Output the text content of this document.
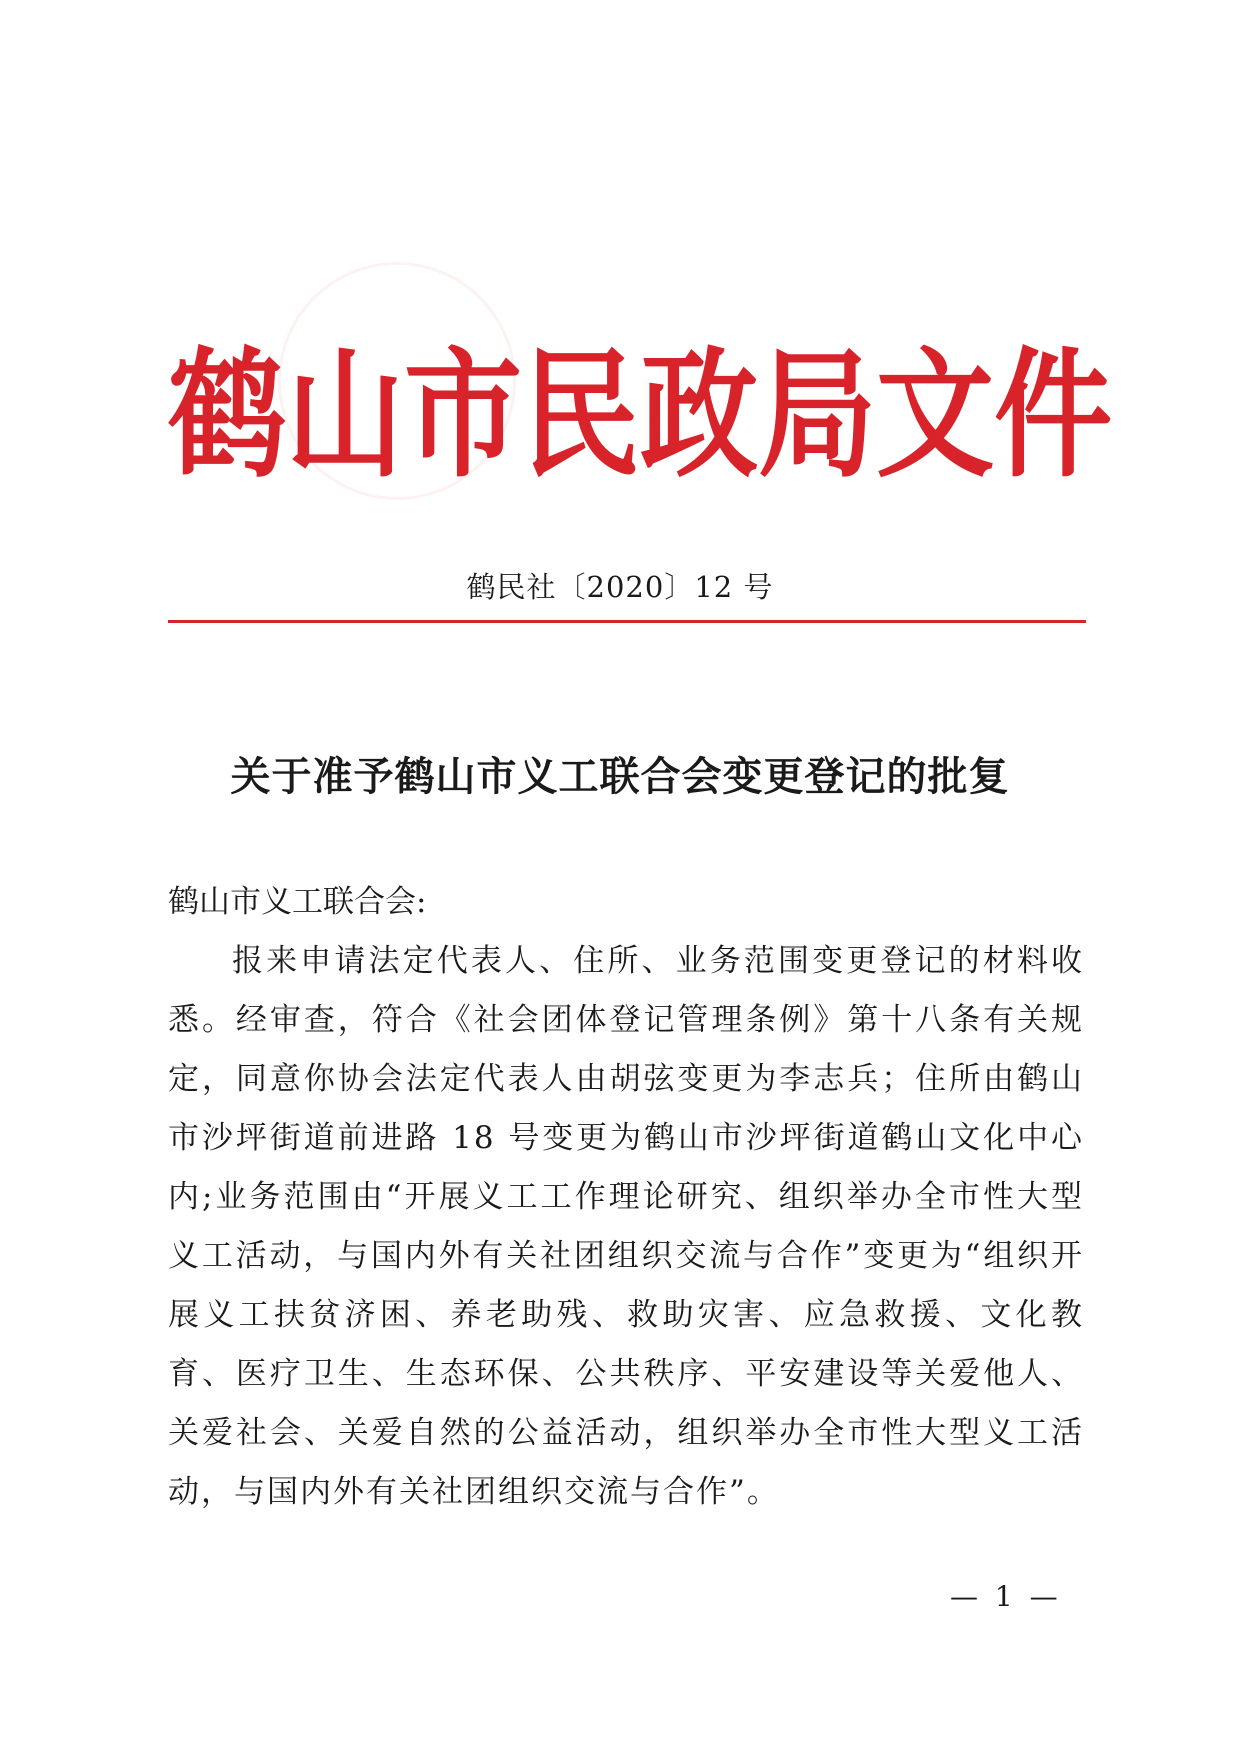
鹤 山 市 民 政 局 文 件
鹤民社〔2020〕12 号
关于准予鹤山市义工联合会变更登记的批复
鹤山市义工联合会:

报来申请法定代表人、住所、业务范围变更登记的材料收悉。经审查，符合《社会团体登记管理条例》第十八条有关规定，同意你协会法定代表人由胡弦变更为李志兵；住所由鹤山市沙坪街道前进路 18 号变更为鹤山市沙坪街道鹤山文化中心内;业务范围由“开展义工工作理论研究、组织举办全市性大型义工活动，与国内外有关社团组织交流与合作”变更为“组织开展义工扶贫济困、养老助残、救助灾害、应急救援、文化教育、医疗卫生、生态环保、公共秩序、平安建设等关爱他人、关爱社会、关爱自然的公益活动，组织举办全市性大型义工活动，与国内外有关社团组织交流与合作”。

— 1 —
